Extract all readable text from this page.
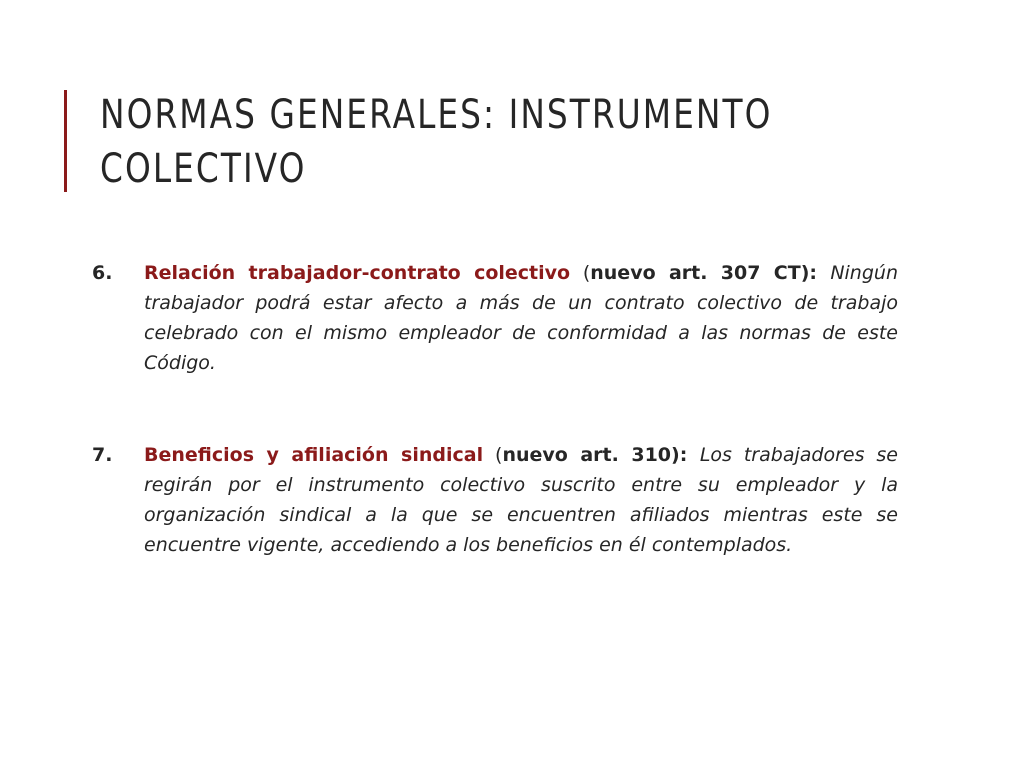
NORMAS GENERALES: INSTRUMENTO COLECTIVO
6.	Relación trabajador-contrato colectivo (nuevo art. 307 CT): Ningún trabajador podrá estar afecto a más de un contrato colectivo de trabajo celebrado con el mismo empleador de conformidad a las normas de este Código.
7.	Beneficios y afiliación sindical (nuevo art. 310): Los trabajadores se regirán por el instrumento colectivo suscrito entre su empleador y la organización sindical a la que se encuentren afiliados mientras este se encuentre vigente, accediendo a los beneficios en él contemplados.
